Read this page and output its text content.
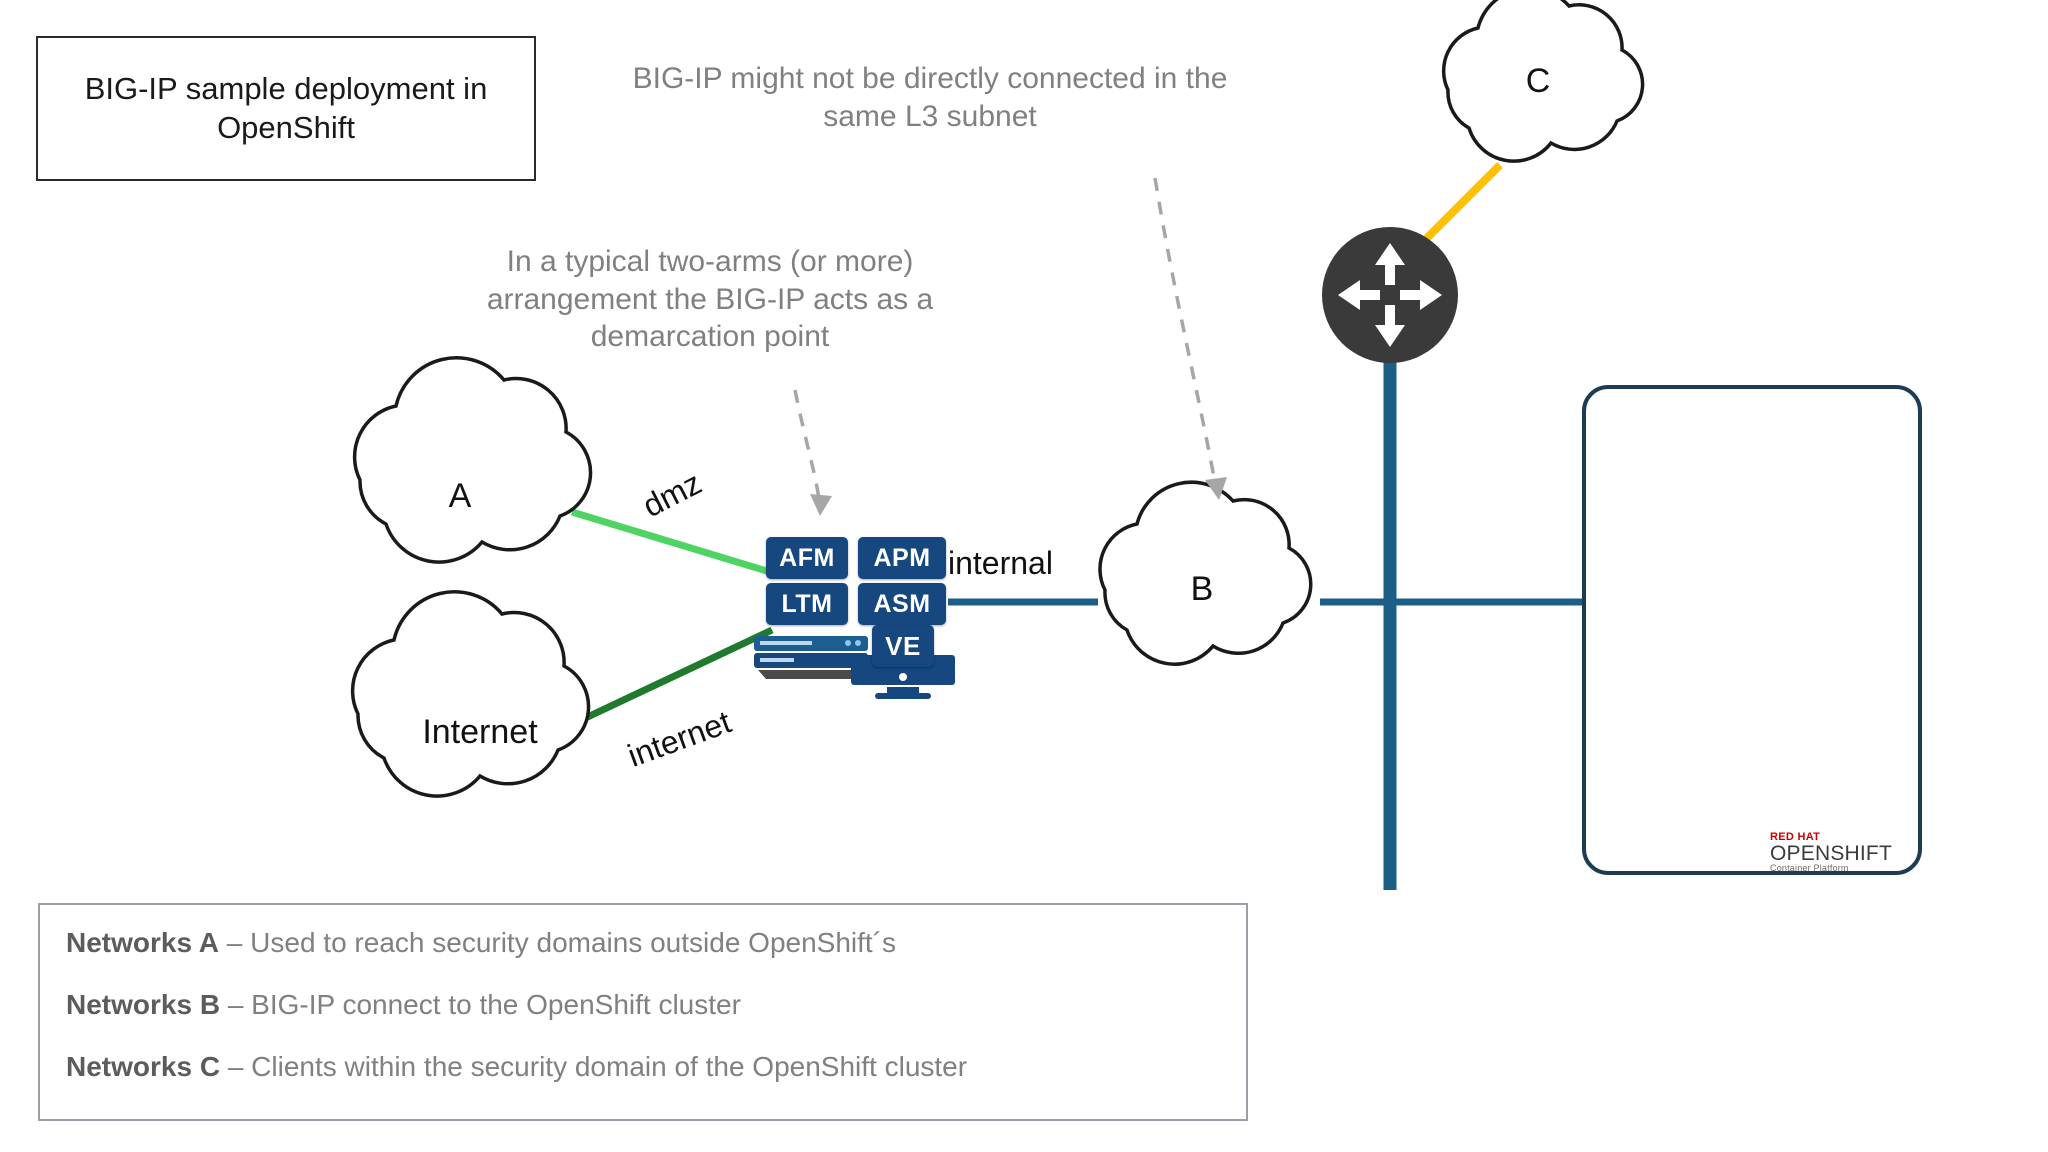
BIG-IP sample deployment in OpenShift
BIG-IP might not be directly connected in the same L3 subnet
In a typical two-arms (or more) arrangement the BIG-IP acts as a demarcation point
A
Internet
B
C
dmz
internet
internal
AFM	APM
LTM	ASM
VE
RED HAT
OPENSHIFT
Container Platform
Networks A – Used to reach security domains outside OpenShift´s
Networks B – BIG-IP connect to the OpenShift cluster
Networks C – Clients within the security domain of the OpenShift cluster
